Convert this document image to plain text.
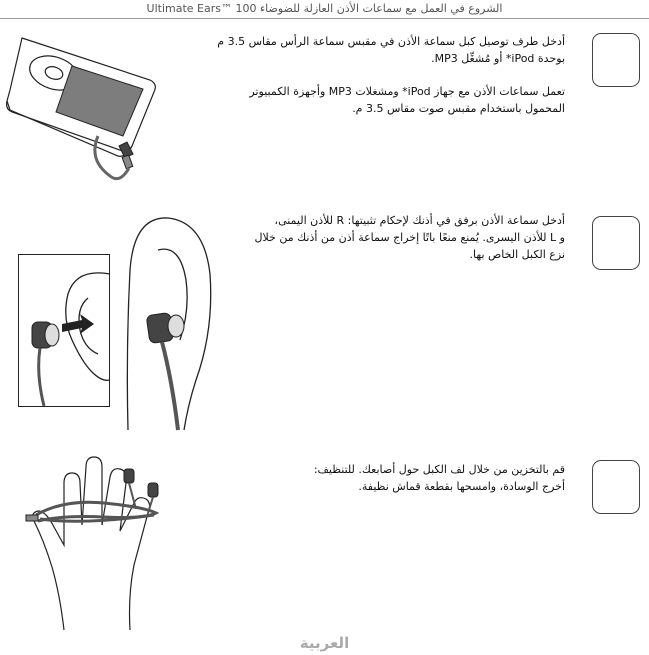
Ultimate Ears™ 100 الشروع في العمل مع سماعات الأذن العازلة للضوضاء

أدخل طرف توصيل كبل سماعة الأذن في مقبس سماعة الرأس مقاس 3.5 م

بوحدة iPod* أو مُشغِّل MP3.

تعمل سماعات الأذن مع جهاز iPod* ومشغلات MP3 وأجهزة الكمبيوتر

المحمول باستخدام مقبس صوت مقاس 3.5 م.

أدخل سماعة الأذن برفق في أذنك لإحكام تثبيتها: R للأذن اليمنى،

و L للأذن اليسرى. يُمنع منعًا باتًا إخراج سماعة أذن من أذنك من خلال

نزع الكبل الخاص بها.

قم بالتخزين من خلال لف الكبل حول أصابعك. للتنظيف:

أخرج الوسادة، وامسحها بقطعة قماش نظيفة.

العربية
